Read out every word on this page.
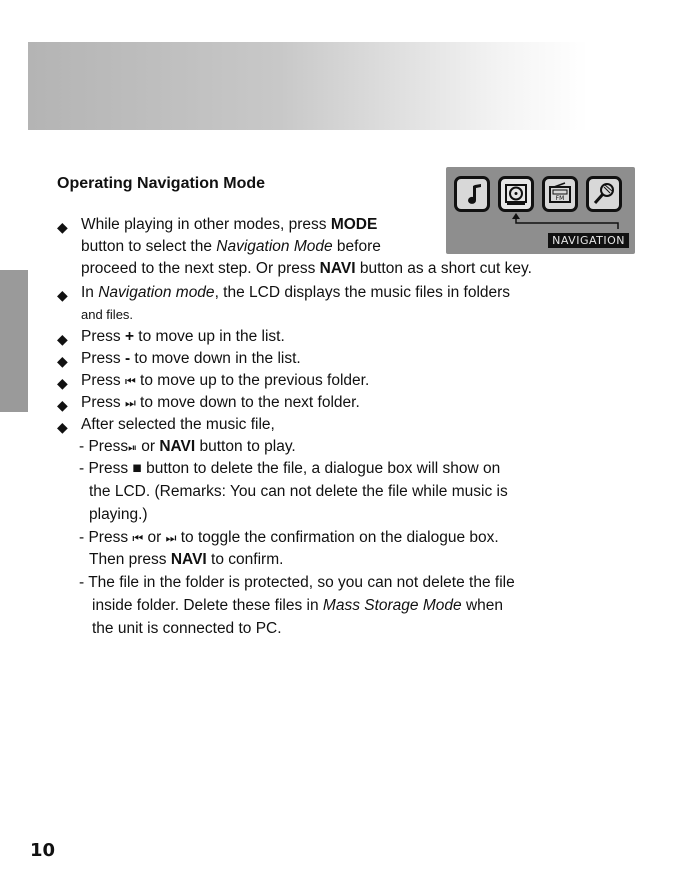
Operating Navigation Mode
FM
NAVIGATION
◆ While playing in other modes, press MODE

button to select the Navigation Mode before

proceed to the next step. Or press NAVI button as a short cut key.

◆ In Navigation mode, the LCD displays the music files in folders

and files.

◆ Press + to move up in the list.

◆ Press - to move down in the list.

◆ Press ⏮ to move up to the previous folder.

◆ Press ⏭ to move down to the next folder.

◆ After selected the music file,

- Press⏯ or NAVI button to play.

- Press ■ button to delete the file, a dialogue box will show on

the LCD. (Remarks: You can not delete the file while music is

playing.)

- Press ⏮ or ⏭ to toggle the confirmation on the dialogue box.

Then press NAVI to confirm.

- The file in the folder is protected, so you can not delete the file

inside folder. Delete these files in Mass Storage Mode when

the unit is connected to PC.

10
